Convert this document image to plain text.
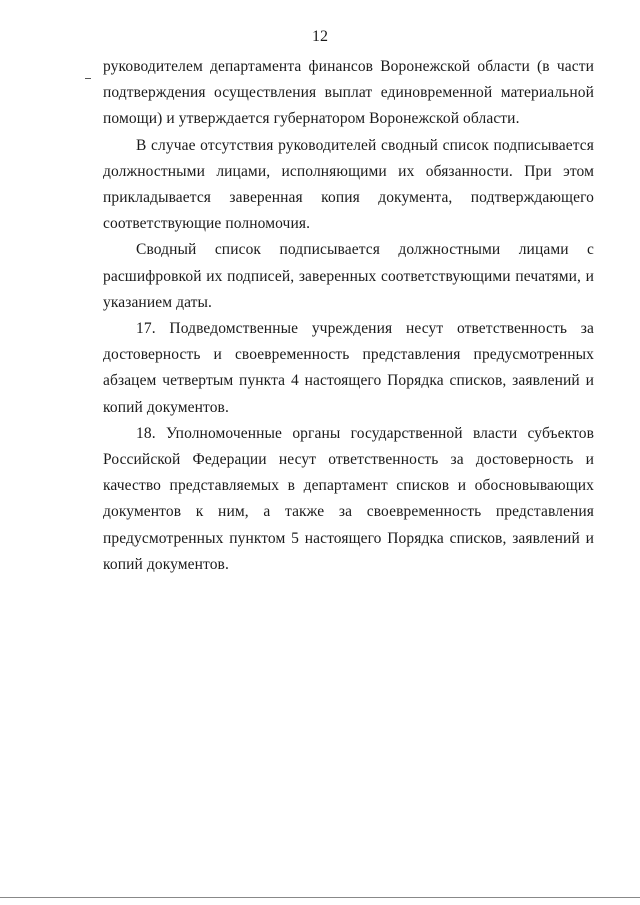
12

руководителем департамента финансов Воронежской области (в части подтверждения осуществления выплат единовременной материальной помощи) и утверждается губернатором Воронежской области.

В случае отсутствия руководителей сводный список подписывается должностными лицами, исполняющими их обязанности. При этом прикладывается заверенная копия документа, подтверждающего соответствующие полномочия.

Сводный список подписывается должностными лицами с расшифровкой их подписей, заверенных соответствующими печатями, и указанием даты.

17. Подведомственные учреждения несут ответственность за достоверность и своевременность представления предусмотренных абзацем четвертым пункта 4 настоящего Порядка списков, заявлений и копий документов.

18. Уполномоченные органы государственной власти субъектов Российской Федерации несут ответственность за достоверность и качество представляемых в департамент списков и обосновывающих документов к ним, а также за своевременность представления предусмотренных пунктом 5 настоящего Порядка списков, заявлений и копий документов.
